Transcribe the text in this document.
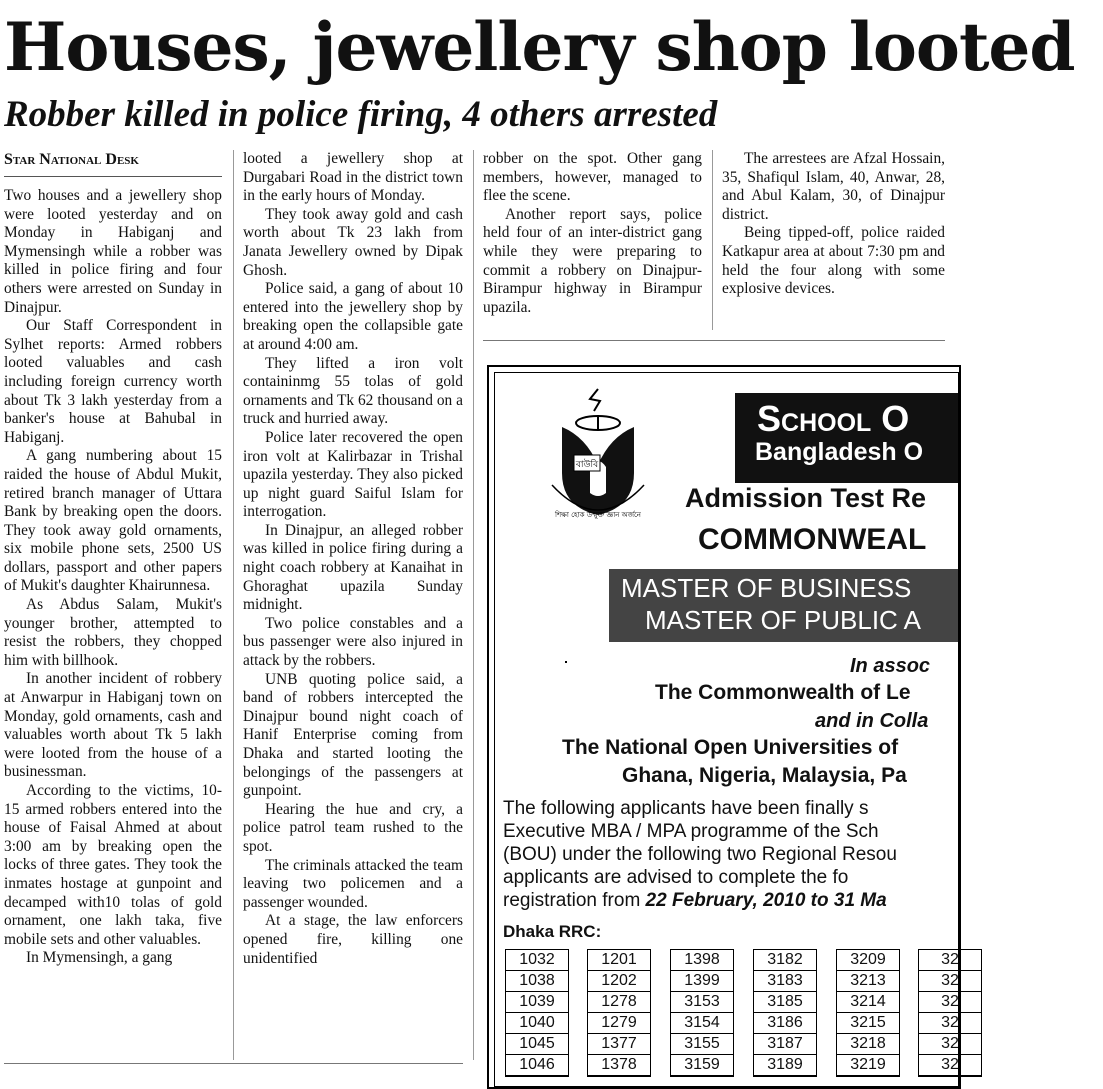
Houses, jewellery shop looted
Robber killed in police firing, 4 others arrested
Star National Desk

Two houses and a jewellery shop were looted yesterday and on Monday in Habiganj and Mymensingh while a robber was killed in police firing and four others were arrested on Sunday in Dinajpur.

Our Staff Correspondent in Sylhet reports: Armed robbers looted valuables and cash including foreign currency worth about Tk 3 lakh yesterday from a banker's house at Bahubal in Habiganj.

A gang numbering about 15 raided the house of Abdul Mukit, retired branch manager of Uttara Bank by breaking open the doors. They took away gold ornaments, six mobile phone sets, 2500 US dollars, passport and other papers of Mukit's daughter Khairunnesa.

As Abdus Salam, Mukit's younger brother, attempted to resist the robbers, they chopped him with billhook.

In another incident of robbery at Anwarpur in Habiganj town on Monday, gold ornaments, cash and valuables worth about Tk 5 lakh were looted from the house of a businessman.

According to the victims, 10-15 armed robbers entered into the house of Faisal Ahmed at about 3:00 am by breaking open the locks of three gates. They took the inmates hostage at gunpoint and decamped with10 tolas of gold ornament, one lakh taka, five mobile sets and other valuables.

In Mymensingh, a gang

looted a jewellery shop at Durgabari Road in the district town in the early hours of Monday.

They took away gold and cash worth about Tk 23 lakh from Janata Jewellery owned by Dipak Ghosh.

Police said, a gang of about 10 entered into the jewellery shop by breaking open the collapsible gate at around 4:00 am.

They lifted a iron volt containinmg 55 tolas of gold ornaments and Tk 62 thousand on a truck and hurried away.

Police later recovered the open iron volt at Kalirbazar in Trishal upazila yesterday. They also picked up night guard Saiful Islam for interrogation.

In Dinajpur, an alleged robber was killed in police firing during a night coach robbery at Kanaihat in Ghoraghat upazila Sunday midnight.

Two police constables and a bus passenger were also injured in attack by the robbers.

UNB quoting police said, a band of robbers intercepted the Dinajpur bound night coach of Hanif Enterprise coming from Dhaka and started looting the belongings of the passengers at gunpoint.

Hearing the hue and cry, a police patrol team rushed to the spot.

The criminals attacked the team leaving two policemen and a passenger wounded.

At a stage, the law enforcers opened fire, killing one unidentified

robber on the spot. Other gang members, however, managed to flee the scene.

Another report says, police held four of an inter-district gang while they were preparing to commit a robbery on Dinajpur-Birampur highway in Birampur upazila.

The arrestees are Afzal Hossain, 35, Shafiqul Islam, 40, Anwar, 28, and Abul Kalam, 30, of Dinajpur district.

Being tipped-off, police raided Katkapur area at about 7:30 pm and held the four along with some explosive devices.

বাউবি
শিক্ষা হোক উন্মুক্ত জ্ঞান অর্জনে
School O
Bangladesh O
Admission Test Re
COMMONWEAL
MASTER OF BUSINESS
MASTER OF PUBLIC A
In assoc
The Commonwealth of Le
and in Colla
The National Open Universities of
Ghana, Nigeria, Malaysia, Pa
The following applicants have been finally s
Executive MBA / MPA programme of the Sch
(BOU) under the following two Regional Resou
applicants are advised to complete the fo
registration from 22 February, 2010 to 31 Ma
Dhaka RRC:
1032
1038
1039
1040
1045
1046
1201
1202
1278
1279
1377
1378
1398
1399
3153
3154
3155
3159
3182
3183
3185
3186
3187
3189
3209
3213
3214
3215
3218
3219
32
32
32
32
32
32
